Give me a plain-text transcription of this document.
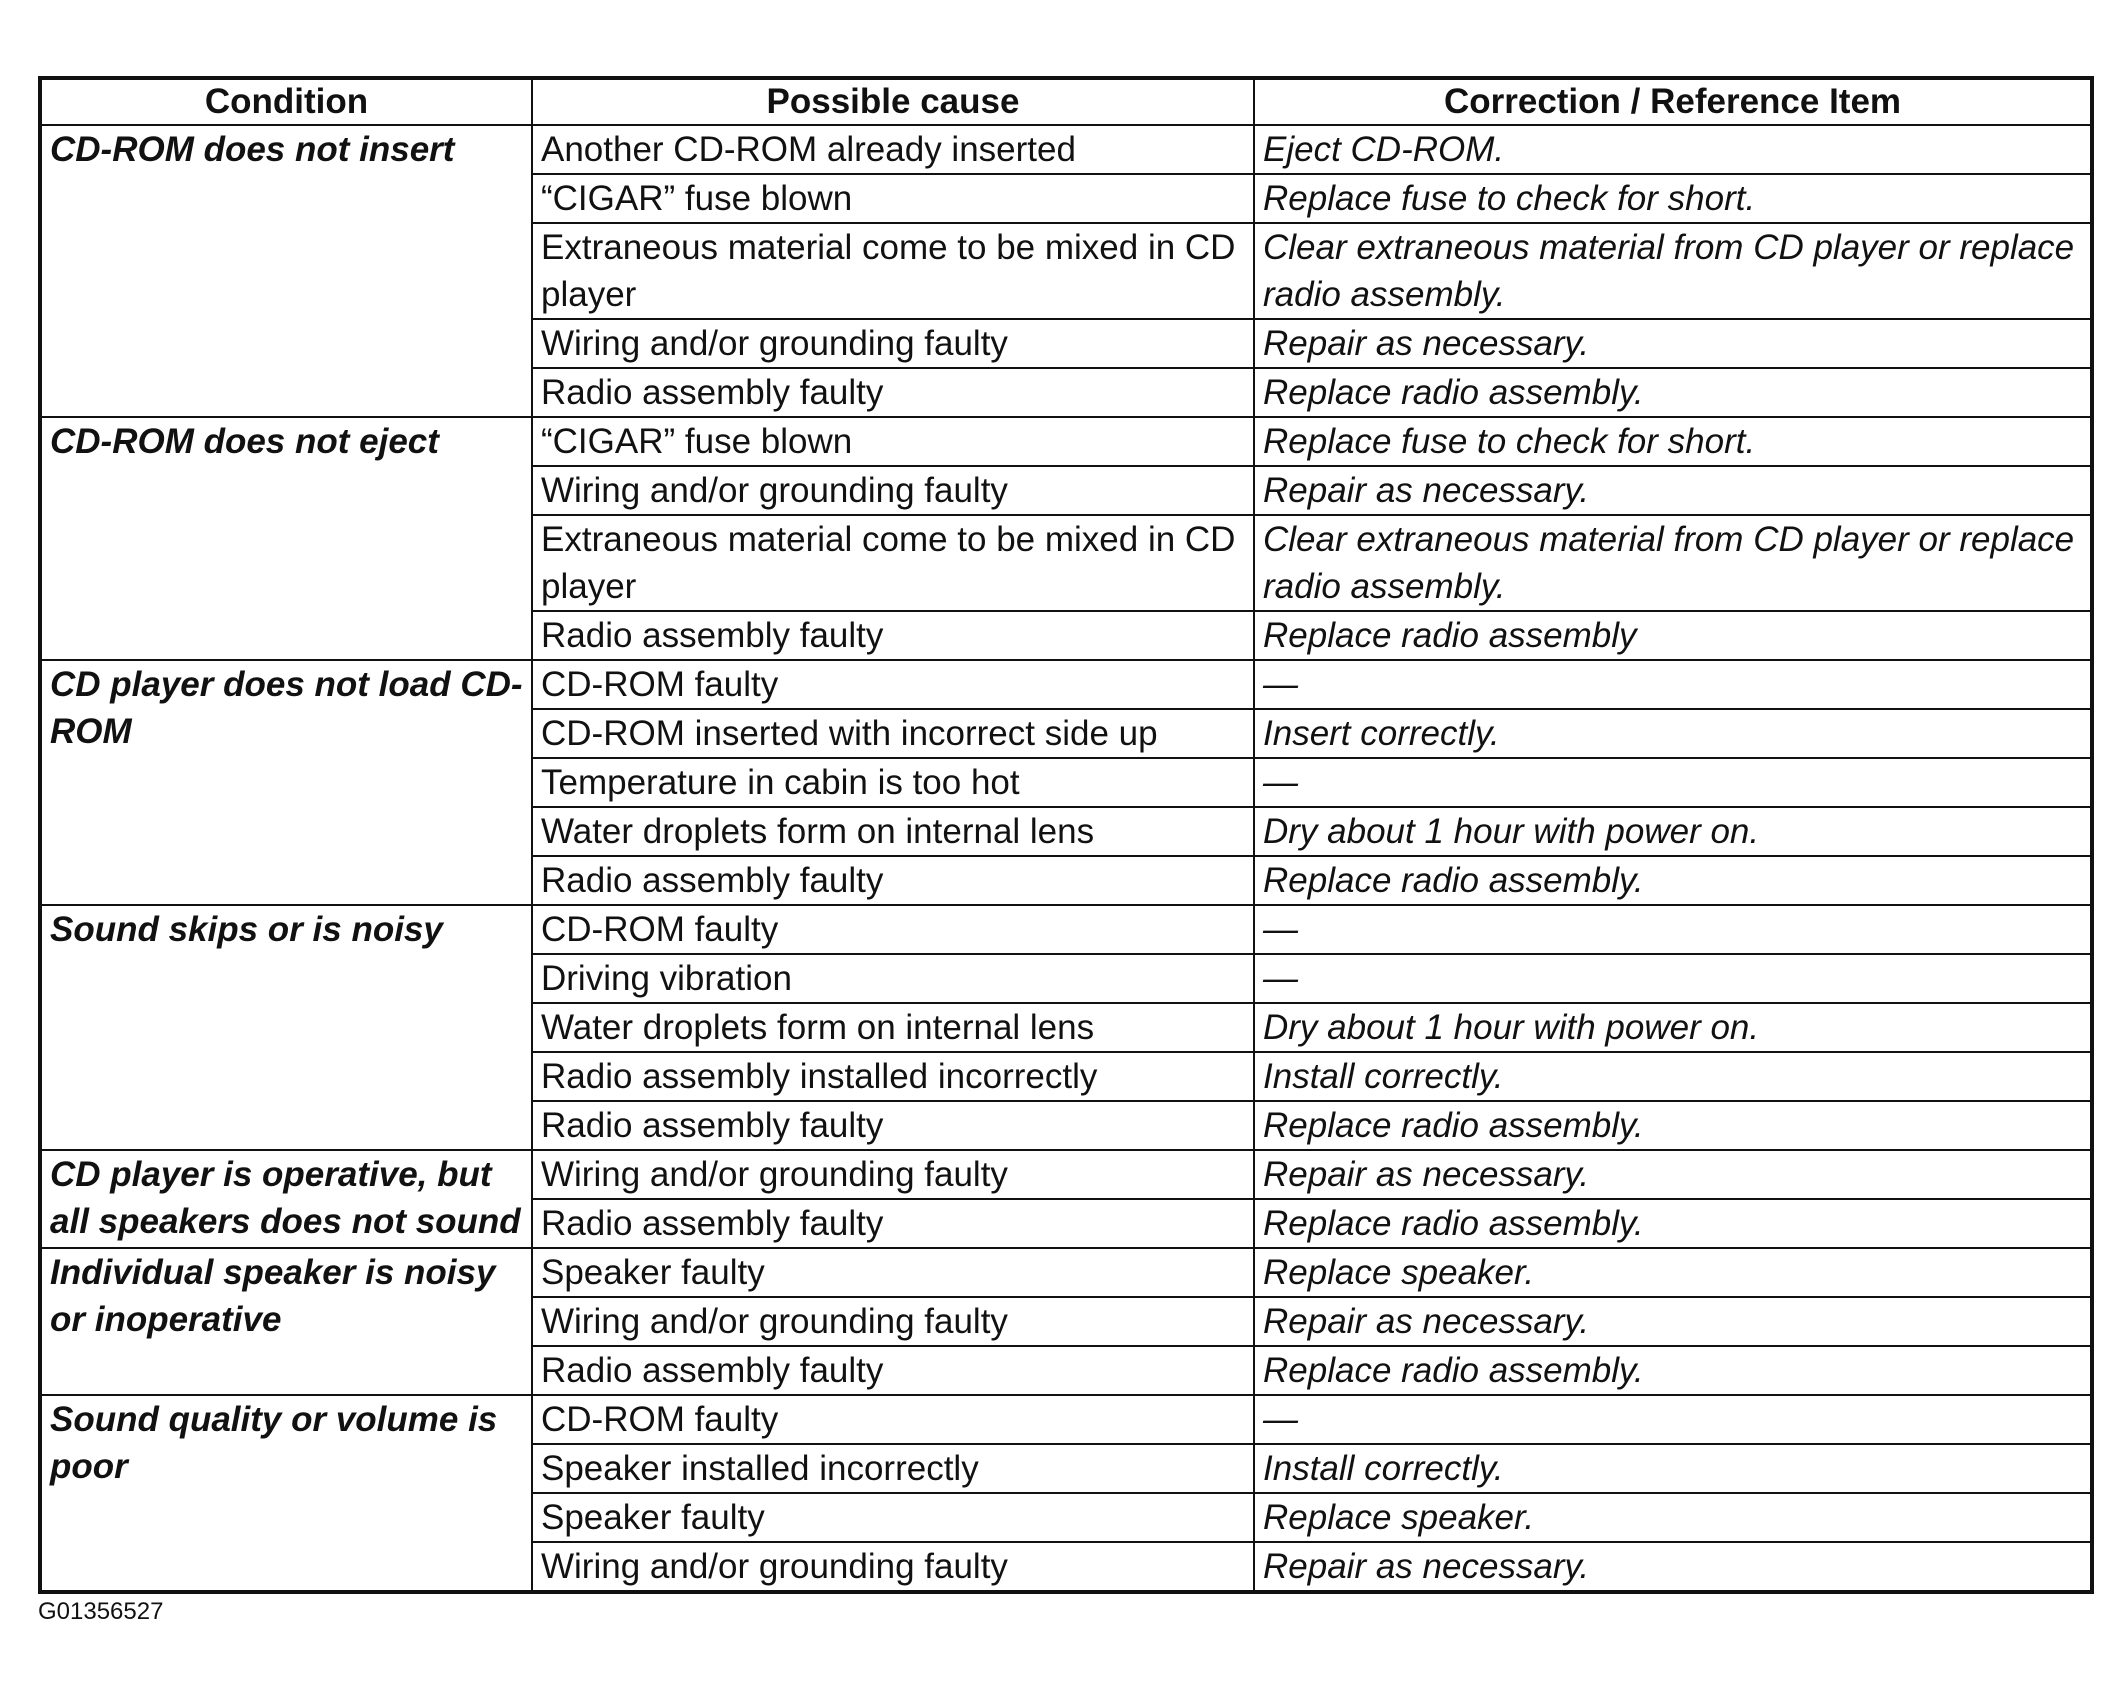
Condition	Possible cause	Correction / Reference Item
CD-ROM does not insert	Another CD-ROM already inserted	Eject CD-ROM.
	“CIGAR” fuse blown	Replace fuse to check for short.
	Extraneous material come to be mixed in CD player	Clear extraneous material from CD player or replace radio assembly.
	Wiring and/or grounding faulty	Repair as necessary.
	Radio assembly faulty	Replace radio assembly.
CD-ROM does not eject	“CIGAR” fuse blown	Replace fuse to check for short.
	Wiring and/or grounding faulty	Repair as necessary.
	Extraneous material come to be mixed in CD player	Clear extraneous material from CD player or replace radio assembly.
	Radio assembly faulty	Replace radio assembly
CD player does not load CD-ROM	CD-ROM faulty	—
	CD-ROM inserted with incorrect side up	Insert correctly.
	Temperature in cabin is too hot	—
	Water droplets form on internal lens	Dry about 1 hour with power on.
	Radio assembly faulty	Replace radio assembly.
Sound skips or is noisy	CD-ROM faulty	—
	Driving vibration	—
	Water droplets form on internal lens	Dry about 1 hour with power on.
	Radio assembly installed incorrectly	Install correctly.
	Radio assembly faulty	Replace radio assembly.
CD player is operative, but all speakers does not sound	Wiring and/or grounding faulty	Repair as necessary.
	Radio assembly faulty	Replace radio assembly.
Individual speaker is noisy or inoperative	Speaker faulty	Replace speaker.
	Wiring and/or grounding faulty	Repair as necessary.
	Radio assembly faulty	Replace radio assembly.
Sound quality or volume is poor	CD-ROM faulty	—
	Speaker installed incorrectly	Install correctly.
	Speaker faulty	Replace speaker.
	Wiring and/or grounding faulty	Repair as necessary.
G01356527
